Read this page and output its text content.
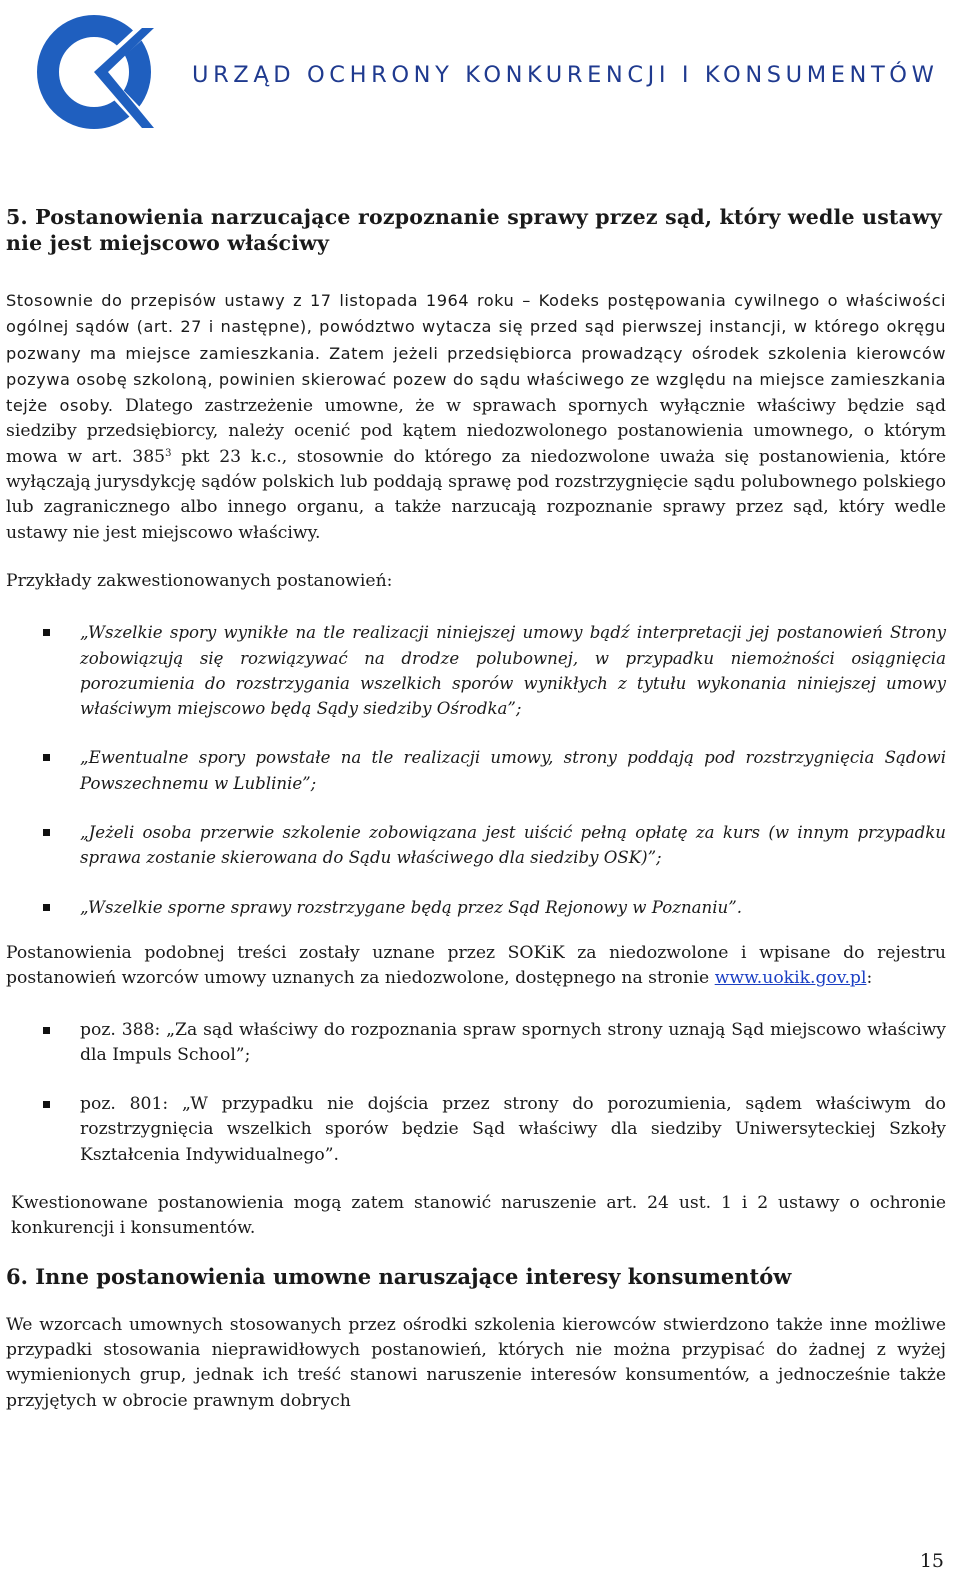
URZĄD OCHRONY KONKURENCJI I KONSUMENTÓW
5. Postanowienia narzucające rozpoznanie sprawy przez sąd, który wedle ustawy nie jest miejscowo właściwy

Stosownie do przepisów ustawy z 17 listopada 1964 roku – Kodeks postępowania cywilnego o właściwości ogólnej sądów (art. 27 i następne), powództwo wytacza się przed sąd pierwszej instancji, w którego okręgu pozwany ma miejsce zamieszkania. Zatem jeżeli przedsiębiorca prowadzący ośrodek szkolenia kierowców pozywa osobę szkoloną, powinien skierować pozew do sądu właściwego ze względu na miejsce zamieszkania tejże osoby. Dlatego zastrzeżenie umowne, że w sprawach spornych wyłącznie właściwy będzie sąd siedziby przedsiębiorcy, należy ocenić pod kątem niedozwolonego postanowienia umownego, o którym mowa w art. $385^3$ pkt 23 k.c., stosownie do którego za niedozwolone uważa się postanowienia, które wyłączają jurysdykcję sądów polskich lub poddają sprawę pod rozstrzygnięcie sądu polubownego polskiego lub zagranicznego albo innego organu, a także narzucają rozpoznanie sprawy przez sąd, który wedle ustawy nie jest miejscowo właściwy.

Przykłady zakwestionowanych postanowień:

„Wszelkie spory wynikłe na tle realizacji niniejszej umowy bądź interpretacji jej postanowień Strony zobowiązują się rozwiązywać na drodze polubownej, w przypadku niemożności osiągnięcia porozumienia do rozstrzygania wszelkich sporów wynikłych z tytułu wykonania niniejszej umowy właściwym miejscowo będą Sądy siedziby Ośrodka”;
„Ewentualne spory powstałe na tle realizacji umowy, strony poddają pod rozstrzygnięcia Sądowi Powszechnemu w Lublinie”;
„Jeżeli osoba przerwie szkolenie zobowiązana jest uiścić pełną opłatę za kurs (w innym przypadku sprawa zostanie skierowana do Sądu właściwego dla siedziby OSK)”;
„Wszelkie sporne sprawy rozstrzygane będą przez Sąd Rejonowy w Poznaniu”.

Postanowienia podobnej treści zostały uznane przez SOKiK za niedozwolone i wpisane do rejestru postanowień wzorców umowy uznanych za niedozwolone, dostępnego na stronie www.uokik.gov.pl:

poz. 388: „Za sąd właściwy do rozpoznania spraw spornych strony uznają Sąd miejscowo właściwy dla Impuls School”;
poz. 801: „W przypadku nie dojścia przez strony do porozumienia, sądem właściwym do rozstrzygnięcia wszelkich sporów będzie Sąd właściwy dla siedziby Uniwersyteckiej Szkoły Kształcenia Indywidualnego”.

Kwestionowane postanowienia mogą zatem stanowić naruszenie art. 24 ust. 1 i 2 ustawy o ochronie konkurencji i konsumentów.

6. Inne postanowienia umowne naruszające interesy konsumentów

We wzorcach umownych stosowanych przez ośrodki szkolenia kierowców stwierdzono także inne możliwe przypadki stosowania nieprawidłowych postanowień, których nie można przypisać do żadnej z wyżej wymienionych grup, jednak ich treść stanowi naruszenie interesów konsumentów, a jednocześnie także przyjętych w obrocie prawnym dobrych

15
